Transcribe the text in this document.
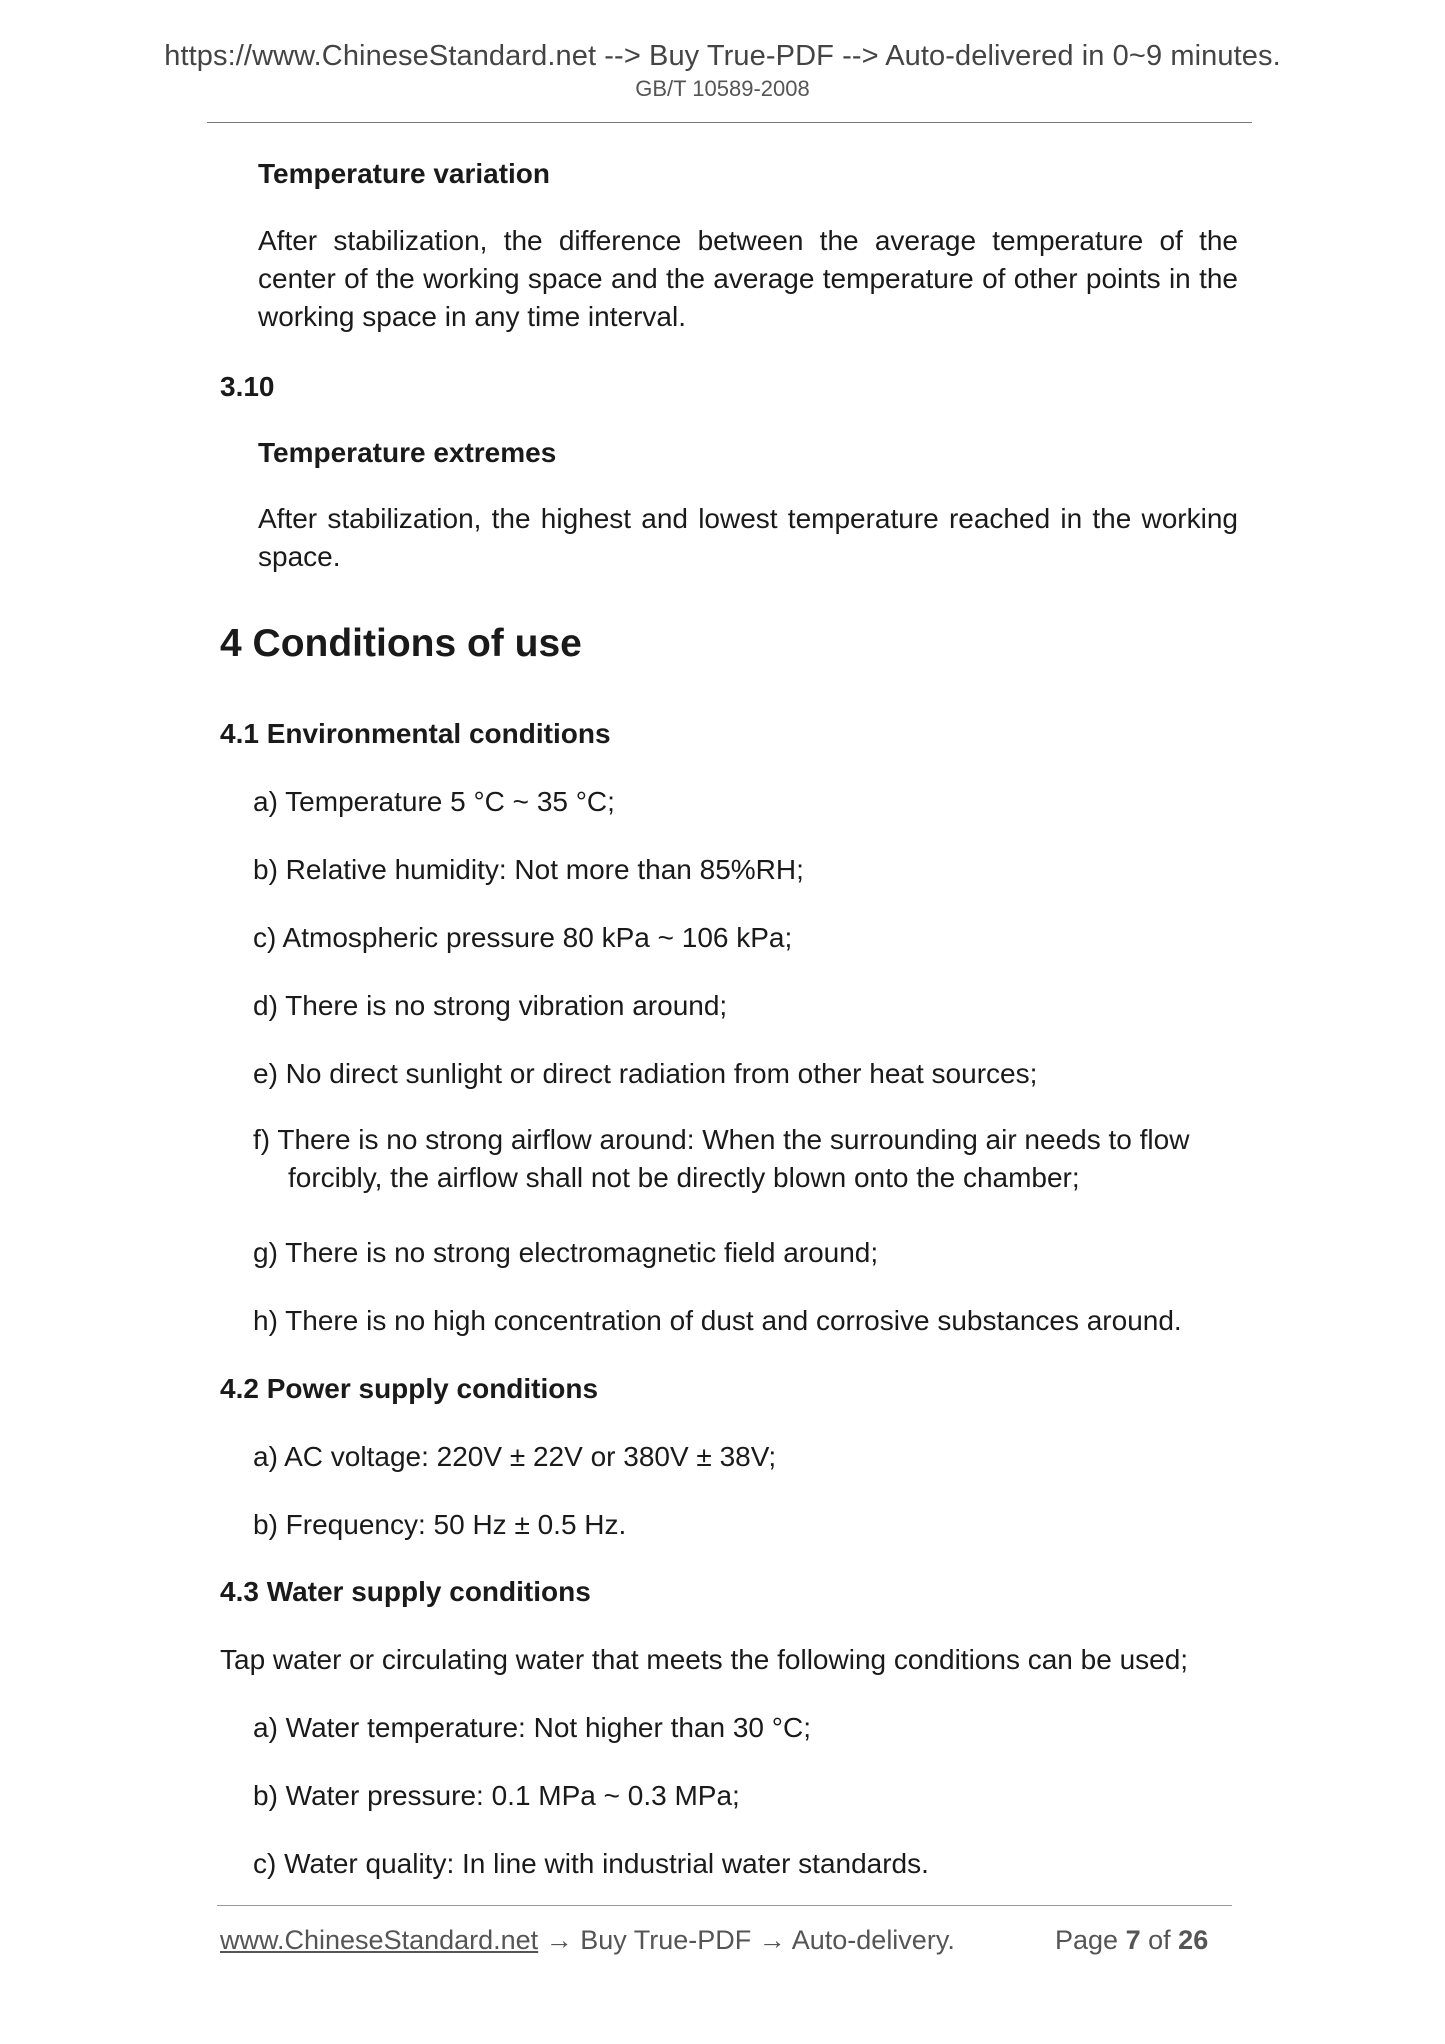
https://www.ChineseStandard.net --> Buy True-PDF --> Auto-delivered in 0~9 minutes.
GB/T 10589-2008
Temperature variation
After stabilization, the difference between the average temperature of the center of the working space and the average temperature of other points in the working space in any time interval.
3.10
Temperature extremes
After stabilization, the highest and lowest temperature reached in the working space.
4 Conditions of use
4.1 Environmental conditions
a) Temperature 5 °C ~ 35 °C;
b) Relative humidity: Not more than 85%RH;
c) Atmospheric pressure 80 kPa ~ 106 kPa;
d) There is no strong vibration around;
e) No direct sunlight or direct radiation from other heat sources;
f) There is no strong airflow around: When the surrounding air needs to flow forcibly, the airflow shall not be directly blown onto the chamber;
g) There is no strong electromagnetic field around;
h) There is no high concentration of dust and corrosive substances around.
4.2 Power supply conditions
a) AC voltage: 220V ± 22V or 380V ± 38V;
b) Frequency: 50 Hz ± 0.5 Hz.
4.3 Water supply conditions
Tap water or circulating water that meets the following conditions can be used;
a) Water temperature: Not higher than 30 °C;
b) Water pressure: 0.1 MPa ~ 0.3 MPa;
c) Water quality: In line with industrial water standards.
www.ChineseStandard.net → Buy True-PDF → Auto-delivery.	Page 7 of 26
